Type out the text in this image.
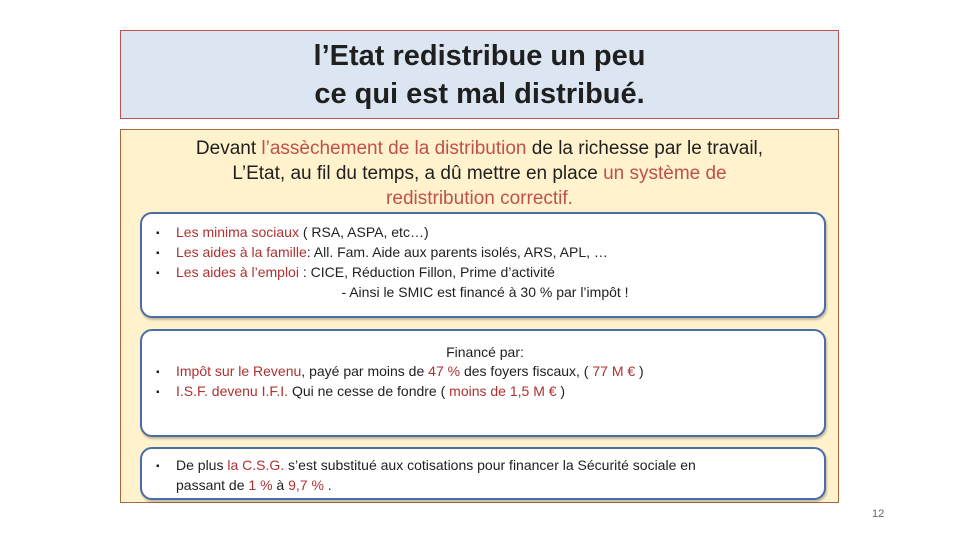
l’Etat redistribue un peu
ce qui est mal distribué.
Devant l’assèchement de la distribution de la richesse par le travail,
L’Etat, au fil du temps, a dû mettre en place un système de
redistribution correctif.
▪ Les minima sociaux ( RSA, ASPA, etc…)
▪ Les aides à la famille: All. Fam. Aide aux parents isolés, ARS, APL, …
▪ Les aides à l’emploi : CICE, Réduction Fillon, Prime d’activité
- Ainsi le SMIC est financé à 30 % par l’impôt !
Financé par:
▪ Impôt sur le Revenu, payé par moins de 47 % des foyers fiscaux, ( 77 M € )
▪ I.S.F. devenu I.F.I. Qui ne cesse de fondre ( moins de 1,5 M € )
▪ De plus la C.S.G. s’est substitué aux cotisations pour financer la Sécurité sociale en
passant de 1 % à 9,7 % .
12
